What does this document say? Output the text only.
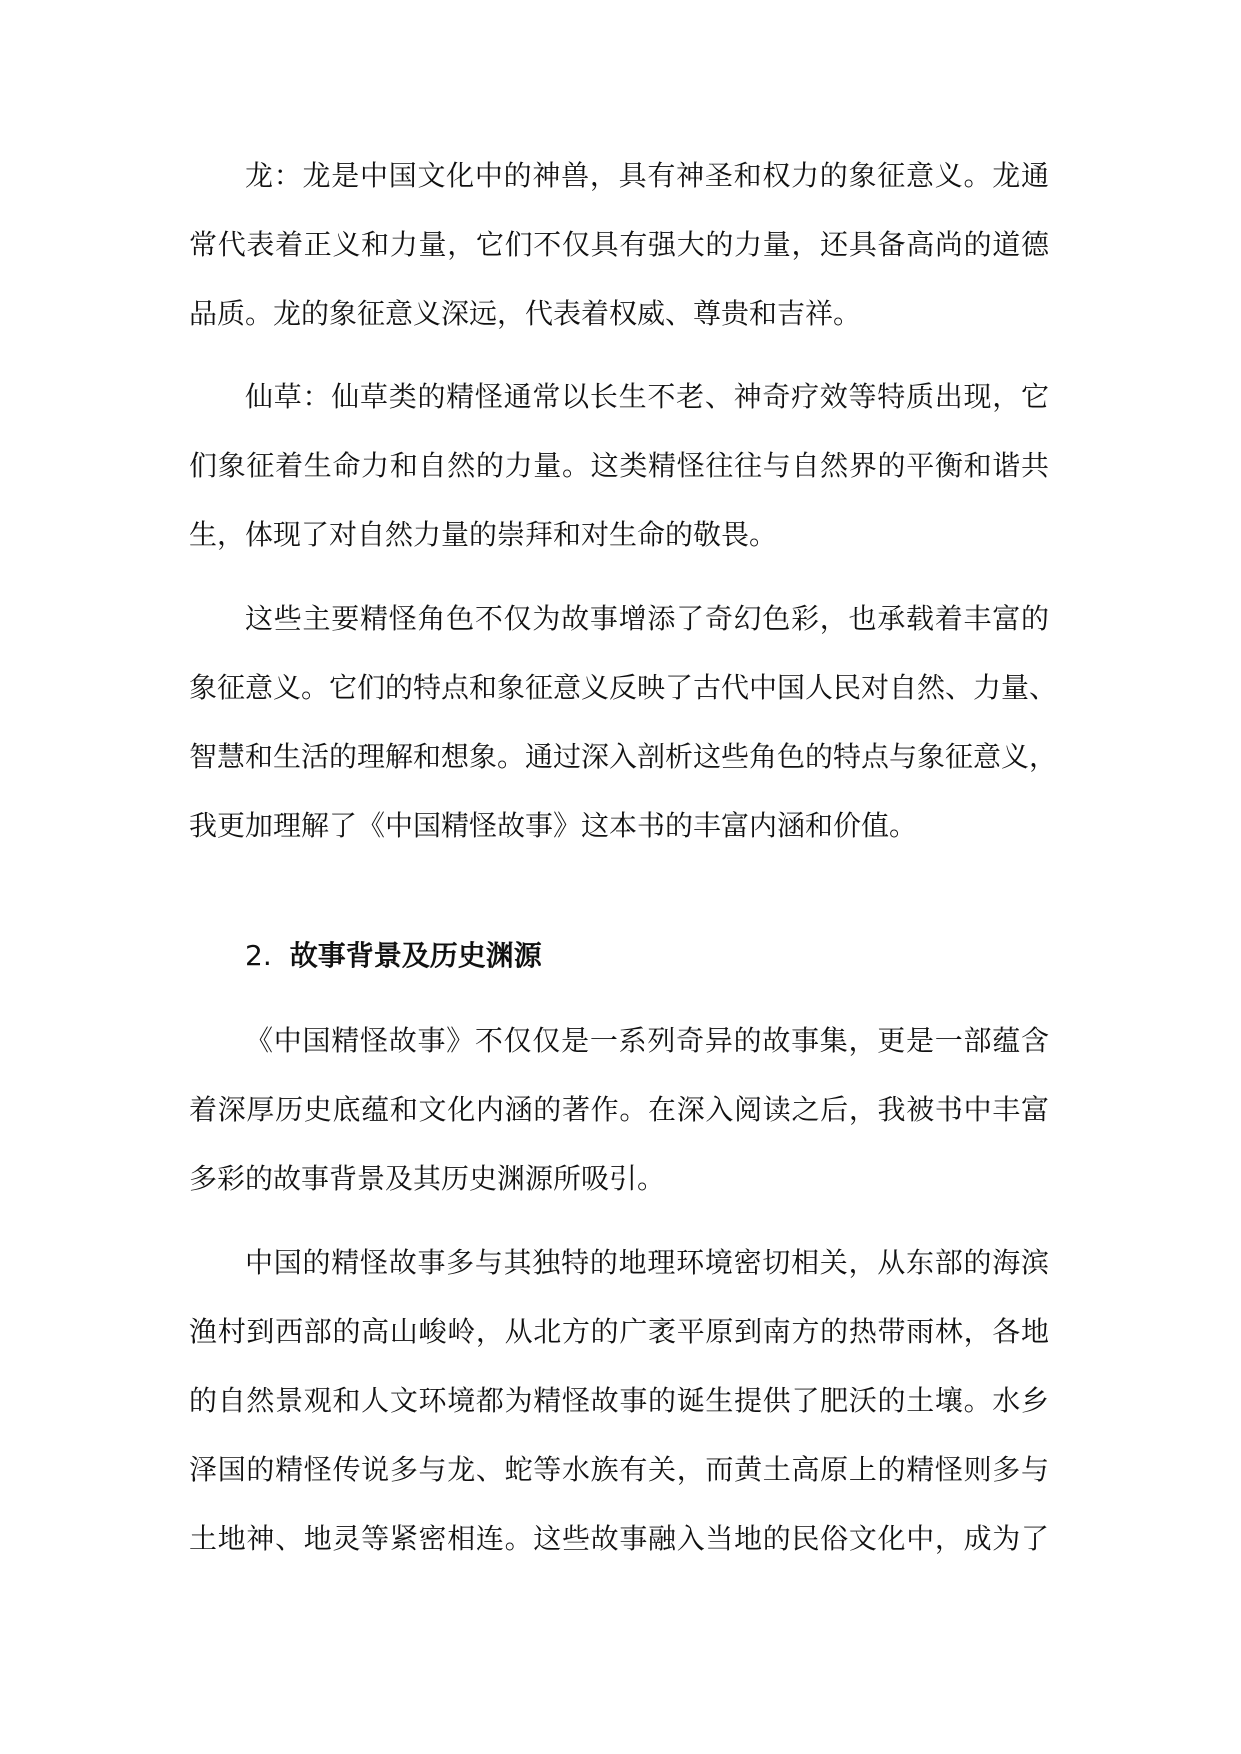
龙：龙是中国文化中的神兽，具有神圣和权力的象征意义。龙通
常代表着正义和力量，它们不仅具有强大的力量，还具备高尚的道德
品质。龙的象征意义深远，代表着权威、尊贵和吉祥。
仙草：仙草类的精怪通常以长生不老、神奇疗效等特质出现，它
们象征着生命力和自然的力量。这类精怪往往与自然界的平衡和谐共
生，体现了对自然力量的崇拜和对生命的敬畏。
这些主要精怪角色不仅为故事增添了奇幻色彩，也承载着丰富的
象征意义。它们的特点和象征意义反映了古代中国人民对自然、力量、
智慧和生活的理解和想象。通过深入剖析这些角色的特点与象征意义，
我更加理解了《中国精怪故事》这本书的丰富内涵和价值。
2. 故事背景及历史渊源
《中国精怪故事》不仅仅是一系列奇异的故事集，更是一部蕴含
着深厚历史底蕴和文化内涵的著作。在深入阅读之后，我被书中丰富
多彩的故事背景及其历史渊源所吸引。
中国的精怪故事多与其独特的地理环境密切相关，从东部的海滨
渔村到西部的高山峻岭，从北方的广袤平原到南方的热带雨林，各地
的自然景观和人文环境都为精怪故事的诞生提供了肥沃的土壤。水乡
泽国的精怪传说多与龙、蛇等水族有关，而黄土高原上的精怪则多与
土地神、地灵等紧密相连。这些故事融入当地的民俗文化中，成为了
